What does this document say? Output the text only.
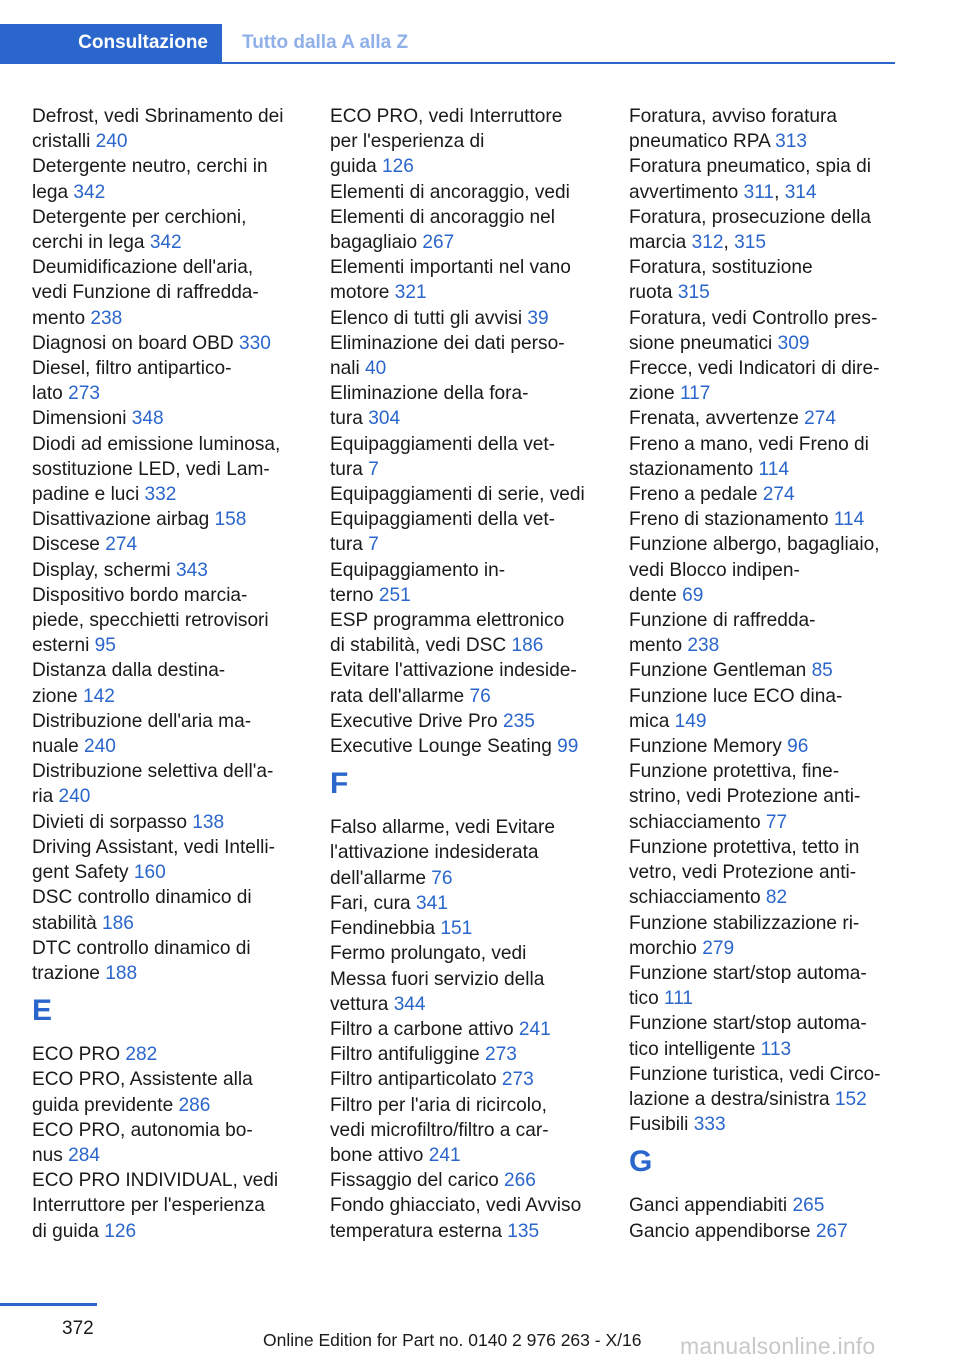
Consultazione	Tutto dalla A alla Z
Defrost, vedi Sbrinamento dei
cristalli 240
Detergente neutro, cerchi in
lega 342
Detergente per cerchioni,
cerchi in lega 342
Deumidificazione dell'aria,
vedi Funzione di raffredda-
mento 238
Diagnosi on board OBD 330
Diesel, filtro antipartico-
lato 273
Dimensioni 348
Diodi ad emissione luminosa,
sostituzione LED, vedi Lam-
padine e luci 332
Disattivazione airbag 158
Discese 274
Display, schermi 343
Dispositivo bordo marcia-
piede, specchietti retrovisori
esterni 95
Distanza dalla destina-
zione 142
Distribuzione dell'aria ma-
nuale 240
Distribuzione selettiva dell'a-
ria 240
Divieti di sorpasso 138
Driving Assistant, vedi Intelli-
gent Safety 160
DSC controllo dinamico di
stabilità 186
DTC controllo dinamico di
trazione 188
E
ECO PRO 282
ECO PRO, Assistente alla
guida previdente 286
ECO PRO, autonomia bo-
nus 284
ECO PRO INDIVIDUAL, vedi
Interruttore per l'esperienza
di guida 126
ECO PRO, vedi Interruttore
per l'esperienza di
guida 126
Elementi di ancoraggio, vedi
Elementi di ancoraggio nel
bagagliaio 267
Elementi importanti nel vano
motore 321
Elenco di tutti gli avvisi 39
Eliminazione dei dati perso-
nali 40
Eliminazione della fora-
tura 304
Equipaggiamenti della vet-
tura 7
Equipaggiamenti di serie, vedi
Equipaggiamenti della vet-
tura 7
Equipaggiamento in-
terno 251
ESP programma elettronico
di stabilità, vedi DSC 186
Evitare l'attivazione indeside-
rata dell'allarme 76
Executive Drive Pro 235
Executive Lounge Seating 99
F
Falso allarme, vedi Evitare
l'attivazione indesiderata
dell'allarme 76
Fari, cura 341
Fendinebbia 151
Fermo prolungato, vedi
Messa fuori servizio della
vettura 344
Filtro a carbone attivo 241
Filtro antifuliggine 273
Filtro antiparticolato 273
Filtro per l'aria di ricircolo,
vedi microfiltro/filtro a car-
bone attivo 241
Fissaggio del carico 266
Fondo ghiacciato, vedi Avviso
temperatura esterna 135
Foratura, avviso foratura
pneumatico RPA 313
Foratura pneumatico, spia di
avvertimento 311, 314
Foratura, prosecuzione della
marcia 312, 315
Foratura, sostituzione
ruota 315
Foratura, vedi Controllo pres-
sione pneumatici 309
Frecce, vedi Indicatori di dire-
zione 117
Frenata, avvertenze 274
Freno a mano, vedi Freno di
stazionamento 114
Freno a pedale 274
Freno di stazionamento 114
Funzione albergo, bagagliaio,
vedi Blocco indipen-
dente 69
Funzione di raffredda-
mento 238
Funzione Gentleman 85
Funzione luce ECO dina-
mica 149
Funzione Memory 96
Funzione protettiva, fine-
strino, vedi Protezione anti-
schiacciamento 77
Funzione protettiva, tetto in
vetro, vedi Protezione anti-
schiacciamento 82
Funzione stabilizzazione ri-
morchio 279
Funzione start/stop automa-
tico 111
Funzione start/stop automa-
tico intelligente 113
Funzione turistica, vedi Circo-
lazione a destra/sinistra 152
Fusibili 333
G
Ganci appendiabiti 265
Gancio appendiborse 267
372
Online Edition for Part no. 0140 2 976 263 - X/16 manualsonline.info
